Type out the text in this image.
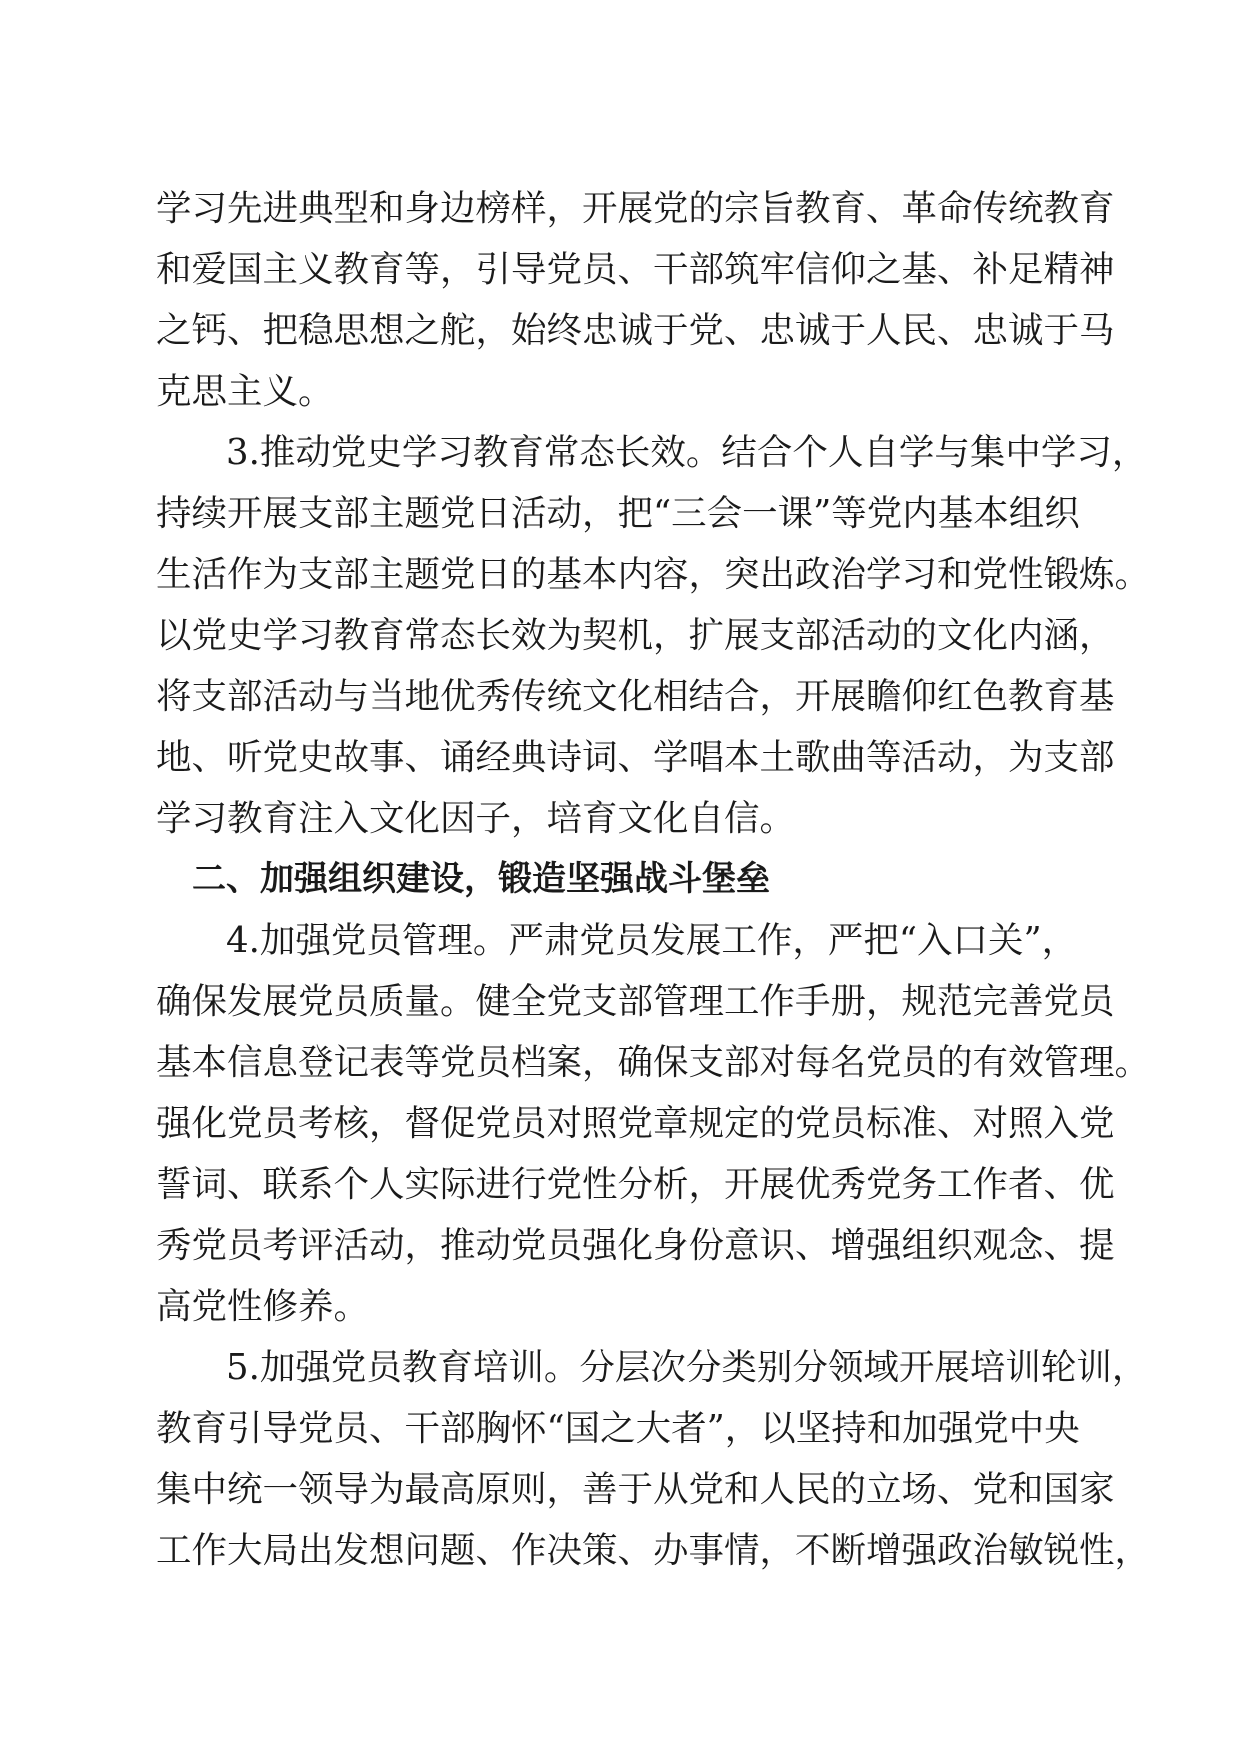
学习先进典型和身边榜样，开展党的宗旨教育、革命传统教育
和爱国主义教育等，引导党员、干部筑牢信仰之基、补足精神
之钙、把稳思想之舵，始终忠诚于党、忠诚于人民、忠诚于马
克思主义。
3.推动党史学习教育常态长效。结合个人自学与集中学习，
持续开展支部主题党日活动，把“三会一课”等党内基本组织
生活作为支部主题党日的基本内容，突出政治学习和党性锻炼。
以党史学习教育常态长效为契机，扩展支部活动的文化内涵，
将支部活动与当地优秀传统文化相结合，开展瞻仰红色教育基
地、听党史故事、诵经典诗词、学唱本土歌曲等活动，为支部
学习教育注入文化因子，培育文化自信。
二、加强组织建设，锻造坚强战斗堡垒
4.加强党员管理。严肃党员发展工作，严把“入口关”，
确保发展党员质量。健全党支部管理工作手册，规范完善党员
基本信息登记表等党员档案，确保支部对每名党员的有效管理。
强化党员考核，督促党员对照党章规定的党员标准、对照入党
誓词、联系个人实际进行党性分析，开展优秀党务工作者、优
秀党员考评活动，推动党员强化身份意识、增强组织观念、提
高党性修养。
5.加强党员教育培训。分层次分类别分领域开展培训轮训，
教育引导党员、干部胸怀“国之大者”，以坚持和加强党中央
集中统一领导为最高原则，善于从党和人民的立场、党和国家
工作大局出发想问题、作决策、办事情，不断增强政治敏锐性，
